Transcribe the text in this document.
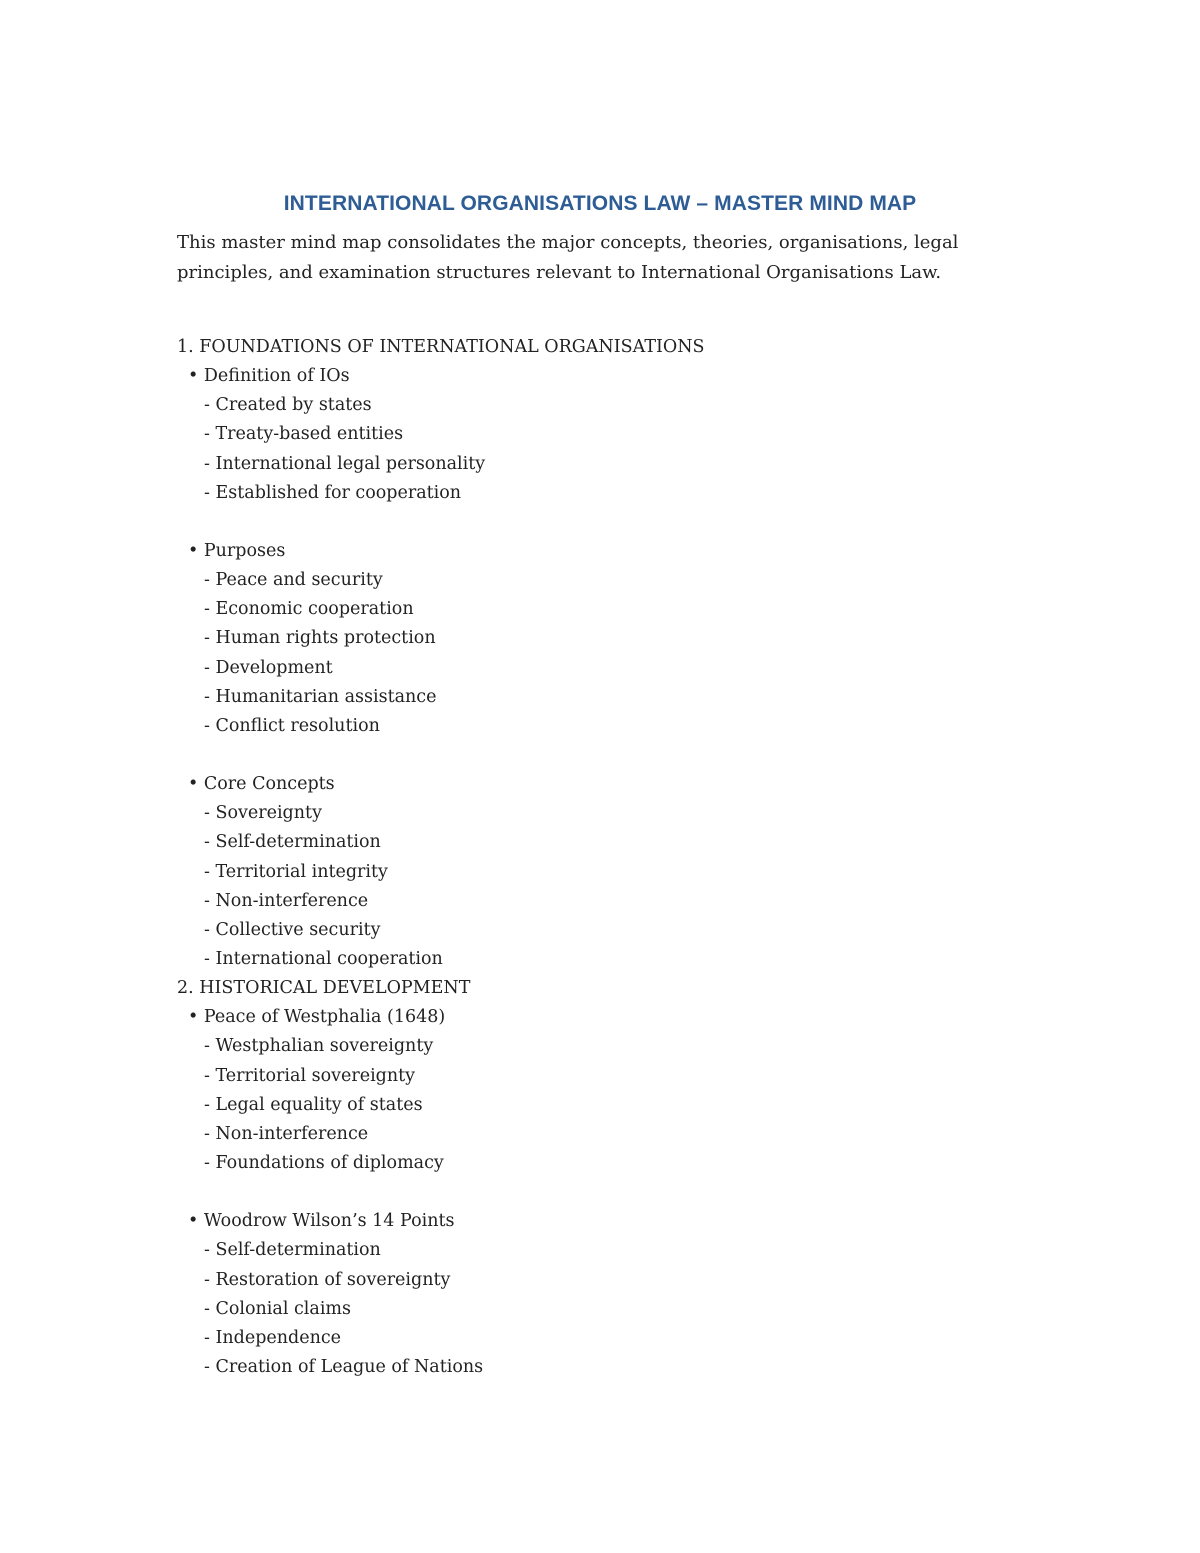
INTERNATIONAL ORGANISATIONS LAW – MASTER MIND MAP
This master mind map consolidates the major concepts, theories, organisations, legal
principles, and examination structures relevant to International Organisations Law.
1. FOUNDATIONS OF INTERNATIONAL ORGANISATIONS
• Definition of IOs
- Created by states
- Treaty-based entities
- International legal personality
- Established for cooperation
• Purposes
- Peace and security
- Economic cooperation
- Human rights protection
- Development
- Humanitarian assistance
- Conflict resolution
• Core Concepts
- Sovereignty
- Self-determination
- Territorial integrity
- Non-interference
- Collective security
- International cooperation
2. HISTORICAL DEVELOPMENT
• Peace of Westphalia (1648)
- Westphalian sovereignty
- Territorial sovereignty
- Legal equality of states
- Non-interference
- Foundations of diplomacy
• Woodrow Wilson’s 14 Points
- Self-determination
- Restoration of sovereignty
- Colonial claims
- Independence
- Creation of League of Nations
